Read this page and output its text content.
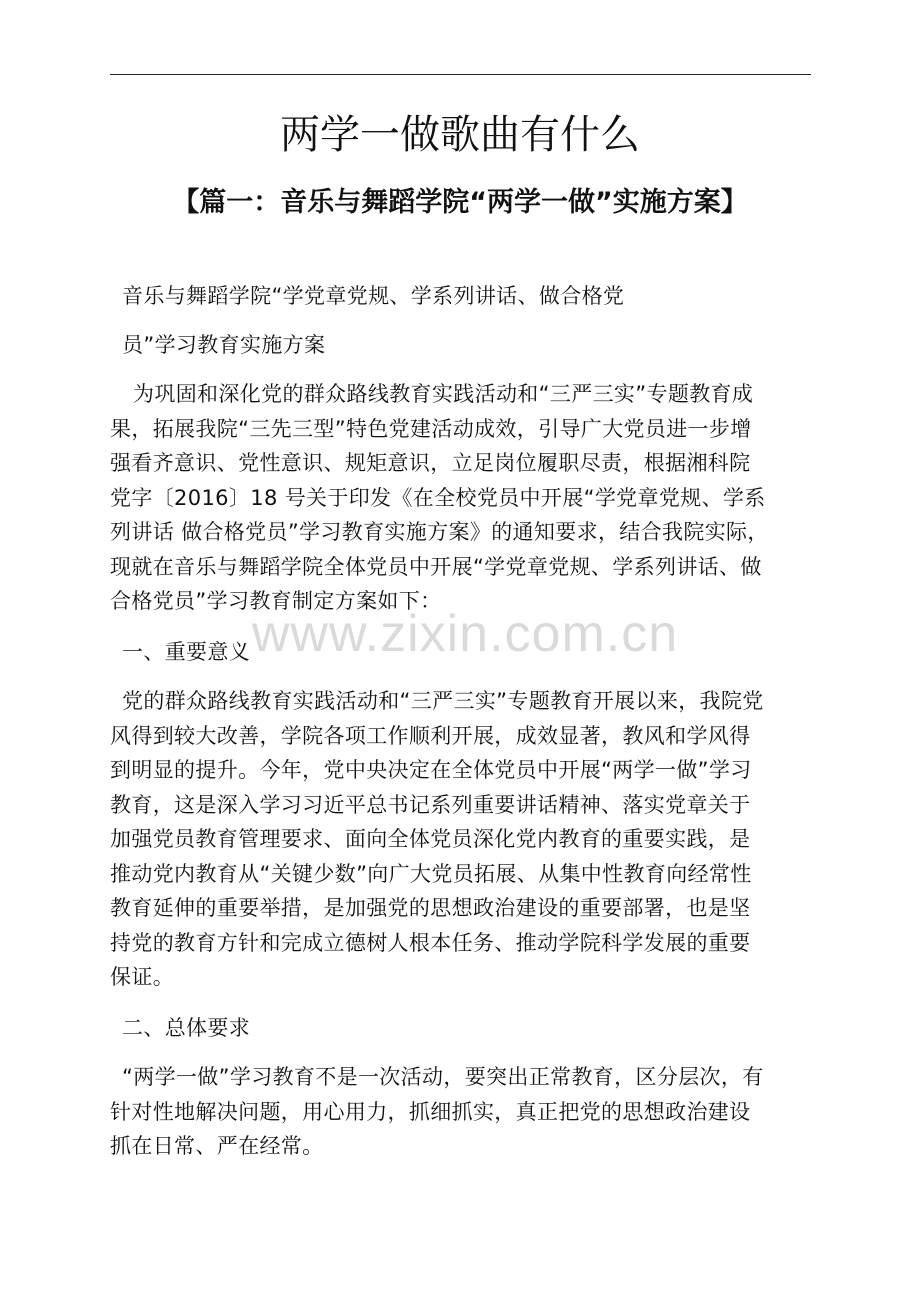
两学一做歌曲有什么
【篇一：音乐与舞蹈学院“两学一做”实施方案】
音乐与舞蹈学院“学党章党规、学系列讲话、做合格党
员”学习教育实施方案
为巩固和深化党的群众路线教育实践活动和“三严三实”专题教育成
果，拓展我院“三先三型”特色党建活动成效，引导广大党员进一步增
强看齐意识、党性意识、规矩意识，立足岗位履职尽责，根据湘科院
党字〔2016〕18 号关于印发《在全校党员中开展“学党章党规、学系
列讲话 做合格党员”学习教育实施方案》的通知要求，结合我院实际，
现就在音乐与舞蹈学院全体党员中开展“学党章党规、学系列讲话、做
合格党员”学习教育制定方案如下：
www.zixin.com.cn
一、重要意义
党的群众路线教育实践活动和“三严三实”专题教育开展以来，我院党
风得到较大改善，学院各项工作顺利开展，成效显著，教风和学风得
到明显的提升。今年，党中央决定在全体党员中开展“两学一做”学习
教育，这是深入学习习近平总书记系列重要讲话精神、落实党章关于
加强党员教育管理要求、面向全体党员深化党内教育的重要实践，是
推动党内教育从“关键少数”向广大党员拓展、从集中性教育向经常性
教育延伸的重要举措，是加强党的思想政治建设的重要部署，也是坚
持党的教育方针和完成立德树人根本任务、推动学院科学发展的重要
保证。
二、总体要求
“两学一做”学习教育不是一次活动，要突出正常教育，区分层次，有
针对性地解决问题，用心用力，抓细抓实，真正把党的思想政治建设
抓在日常、严在经常。
